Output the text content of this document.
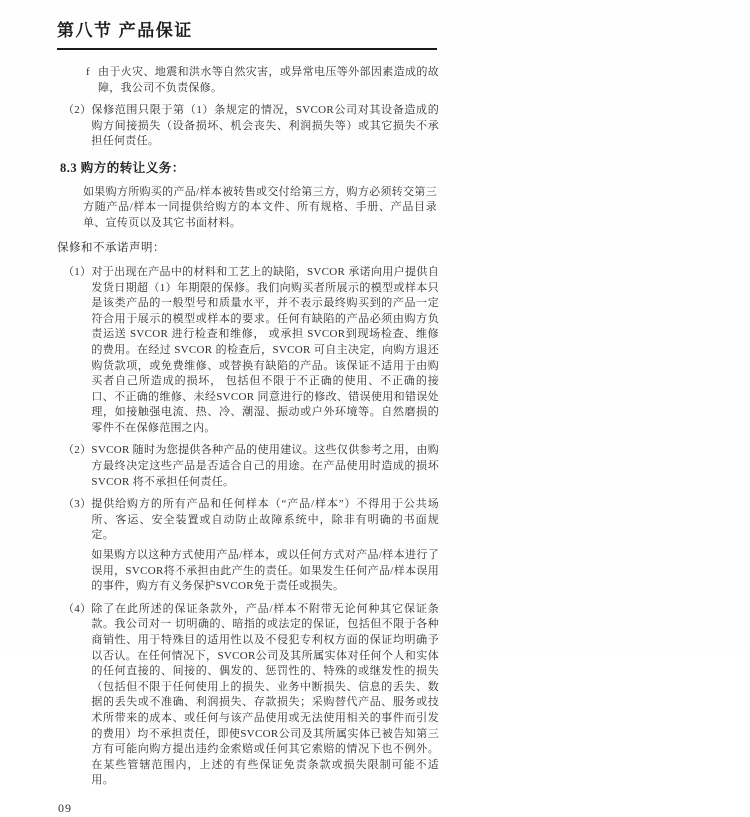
第八节 产品保证
f 由于火灾、地震和洪水等自然灾害，或异常电压等外部因素造成的故障，我公司不负责保修。

（2） 保修范围只限于第（1）条规定的情况，SVCOR公司对其设备造成的购方间接损失（设备损坏、机会丧失、利润损失等）或其它损失不承担任何责任。

8.3 购方的转让义务：

如果购方所购买的产品/样本被转售或交付给第三方，购方必须转交第三方随产品/样本一同提供给购方的本文件、所有规格、手册、产品目录单、宣传页以及其它书面材料。

保修和不承诺声明：

（1） 对于出现在产品中的材料和工艺上的缺陷，SVCOR 承诺向用户提供自发货日期超（1）年期限的保修。我们向购买者所展示的模型或样本只是该类产品的一般型号和质量水平，并不表示最终购买到的产品一定符合用于展示的模型或样本的要求。任何有缺陷的产品必须由购方负责运送 SVCOR 进行检查和维修， 或承担 SVCOR到现场检查、维修的费用。在经过 SVCOR 的检查后，SVCOR 可自主决定，向购方退还购货款项，或免费维修、或替换有缺陷的产品。该保证不适用于由购买者自己所造成的损坏， 包括但不限于不正确的使用、不正确的接口、不正确的维修、未经SVCOR 同意进行的修改、错误使用和错误处理，如接触强电流、热、冷、潮湿、振动或户外环境等。自然磨损的零件不在保修范围之内。

（2） SVCOR 随时为您提供各种产品的使用建议。这些仅供参考之用，由购方最终决定这些产品是否适合自己的用途。在产品使用时造成的损坏 SVCOR 将不承担任何责任。

（3） 提供给购方的所有产品和任何样本（“产品/样本”）不得用于公共场所、客运、安全装置或自动防止故障系统中，除非有明确的书面规定。

如果购方以这种方式使用产品/样本，或以任何方式对产品/样本进行了误用，SVCOR将不承担由此产生的责任。如果发生任何产品/样本误用的事件，购方有义务保护SVCOR免于责任或损失。

（4） 除了在此所述的保证条款外，产品/样本不附带无论何种其它保证条款。我公司对一 切明确的、暗指的或法定的保证，包括但不限于各种商销性、用于特殊目的适用性以及不侵犯专利权方面的保证均明确予以否认。在任何情况下，SVCOR公司及其所属实体对任何个人和实体的任何直接的、间接的、偶发的、惩罚性的、特殊的或继发性的损失（包括但不限于任何使用上的损失、业务中断损失、信息的丢失、数据的丢失或不准确、利润损失、存款损失；采购替代产品、服务或技术所带来的成本、或任何与该产品使用或无法使用相关的事件而引发的费用）均不承担责任，即使SVCOR公司及其所属实体已被告知第三方有可能向购方提出违约金索赔或任何其它索赔的情况下也不例外。在某些管辖范围内，上述的有些保证免责条款或损失限制可能不适用。

09
